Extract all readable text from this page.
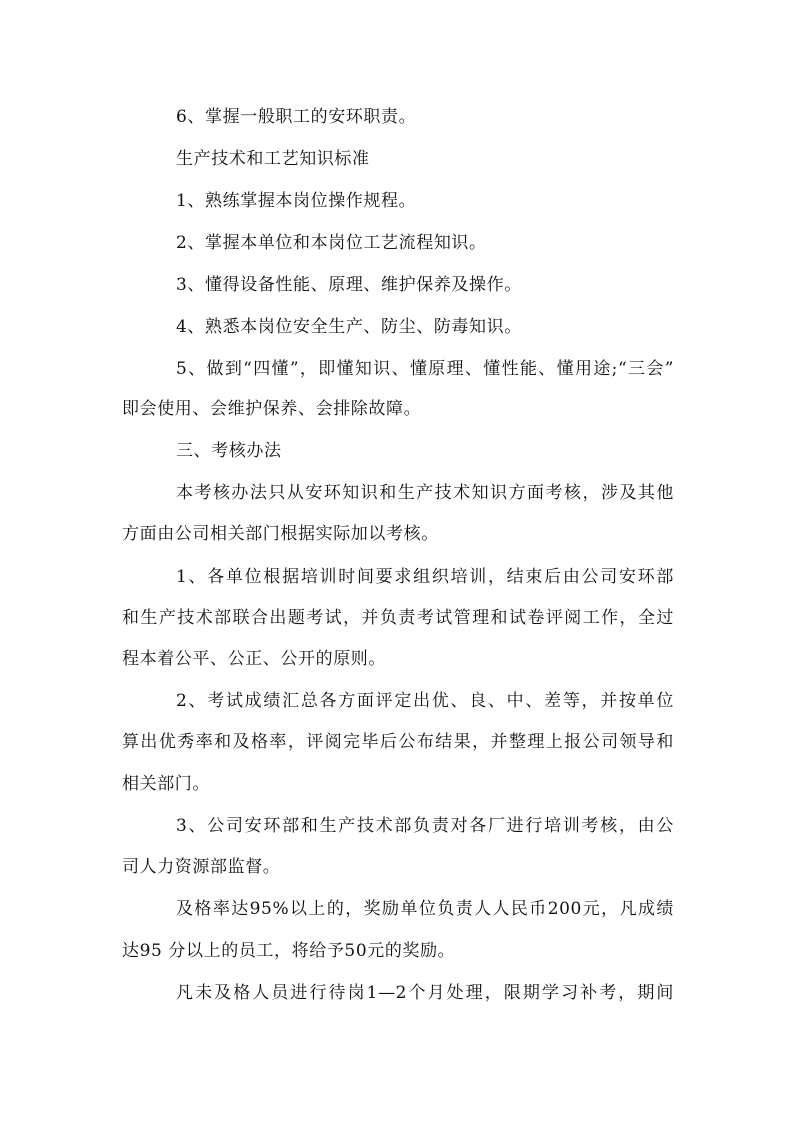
6、掌握一般职工的安环职责。
生产技术和工艺知识标准
1、熟练掌握本岗位操作规程。
2、掌握本单位和本岗位工艺流程知识。
3、懂得设备性能、原理、维护保养及操作。
4、熟悉本岗位安全生产、防尘、防毒知识。
5、做到“四懂”，即懂知识、懂原理、懂性能、懂用途;“三会”
即会使用、会维护保养、会排除故障。
三、考核办法
本考核办法只从安环知识和生产技术知识方面考核，涉及其他
方面由公司相关部门根据实际加以考核。
1、各单位根据培训时间要求组织培训，结束后由公司安环部
和生产技术部联合出题考试，并负责考试管理和试卷评阅工作，全过
程本着公平、公正、公开的原则。
2、考试成绩汇总各方面评定出优、良、中、差等，并按单位
算出优秀率和及格率，评阅完毕后公布结果，并整理上报公司领导和
相关部门。
3、公司安环部和生产技术部负责对各厂进行培训考核，由公
司人力资源部监督。
及格率达95%以上的，奖励单位负责人人民币200元，凡成绩
达95 分以上的员工，将给予50元的奖励。
凡未及格人员进行待岗1—2个月处理，限期学习补考，期间
